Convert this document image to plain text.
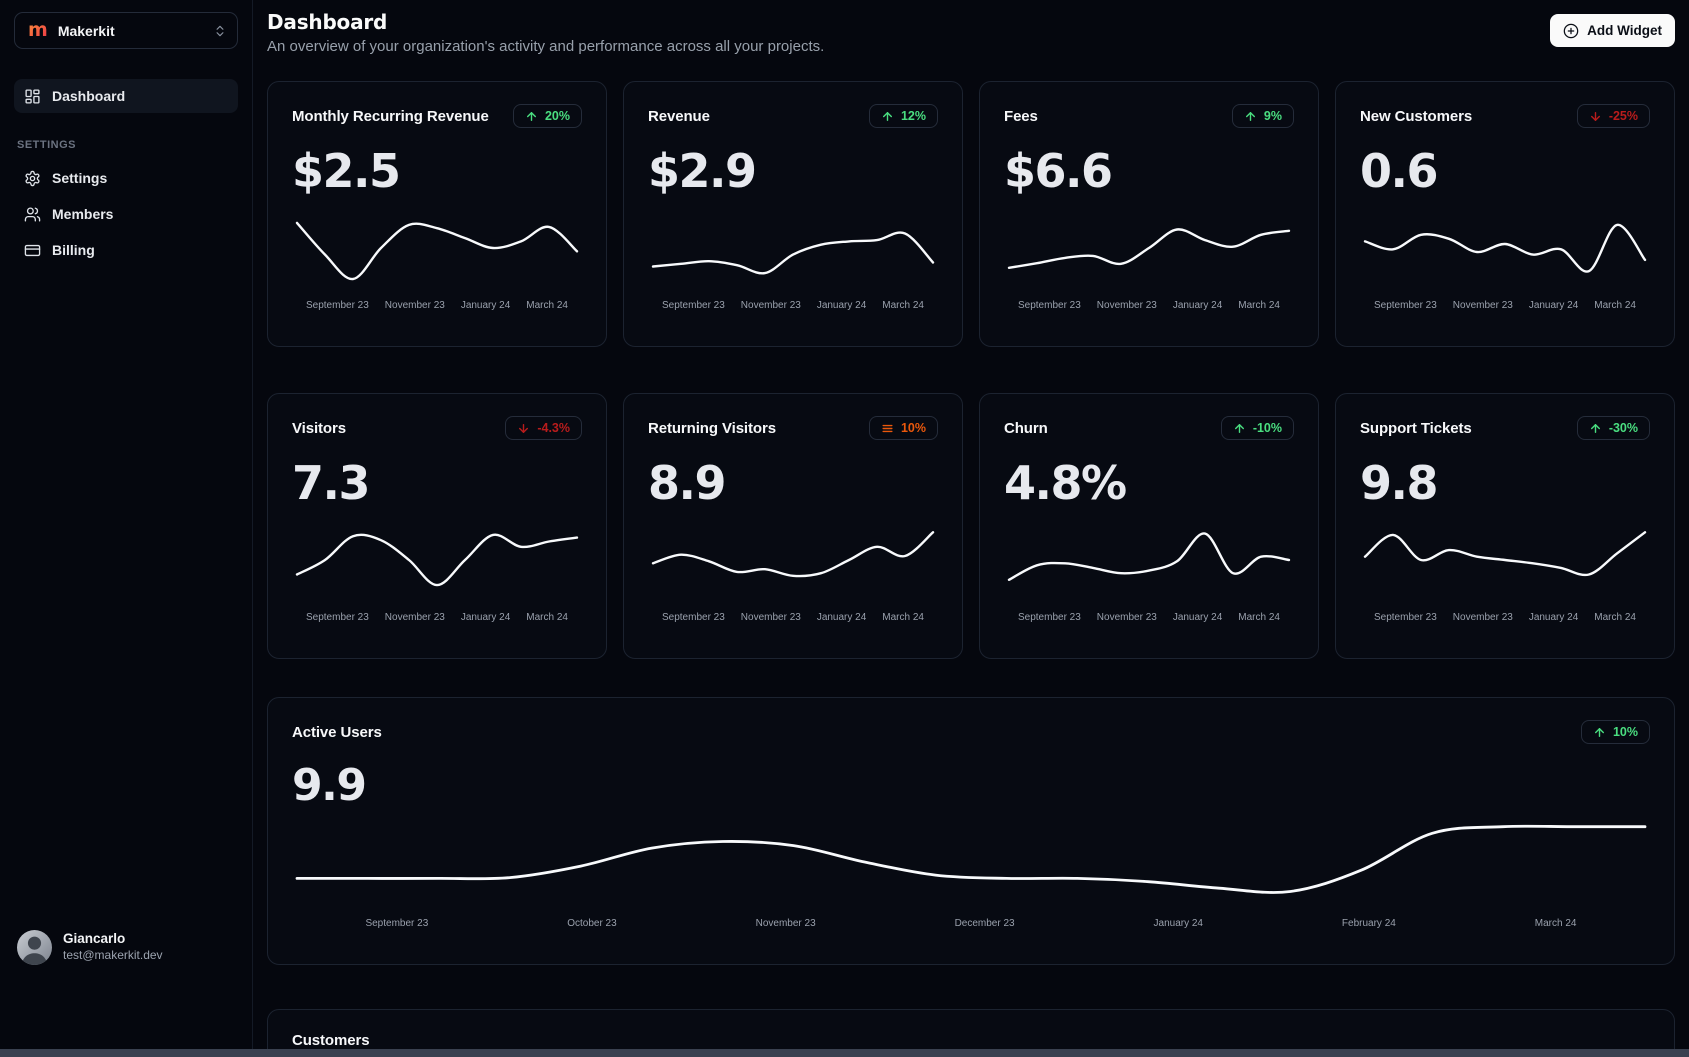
m Makerkit
Dashboard
SETTINGS
Settings
Members
Billing
Giancarlo
test@makerkit.dev
Dashboard

An overview of your organization's activity and performance across all your projects.

Add Widget
Monthly Recurring Revenue	20%
$2.5
September 23 November 23 January 24 March 24
Revenue	12%
$2.9
September 23 November 23 January 24 March 24
Fees	9%
$6.6
September 23 November 23 January 24 March 24
New Customers	-25%
0.6
September 23 November 23 January 24 March 24
Visitors	-4.3%
7.3
September 23 November 23 January 24 March 24
Returning Visitors	10%
8.9
September 23 November 23 January 24 March 24
Churn	-10%
4.8%
September 23 November 23 January 24 March 24
Support Tickets	-30%
9.8
September 23 November 23 January 24 March 24
Active Users	10%
9.9
September 23	October 23	November 23	December 23	January 24	February 24	March 24
Customers
